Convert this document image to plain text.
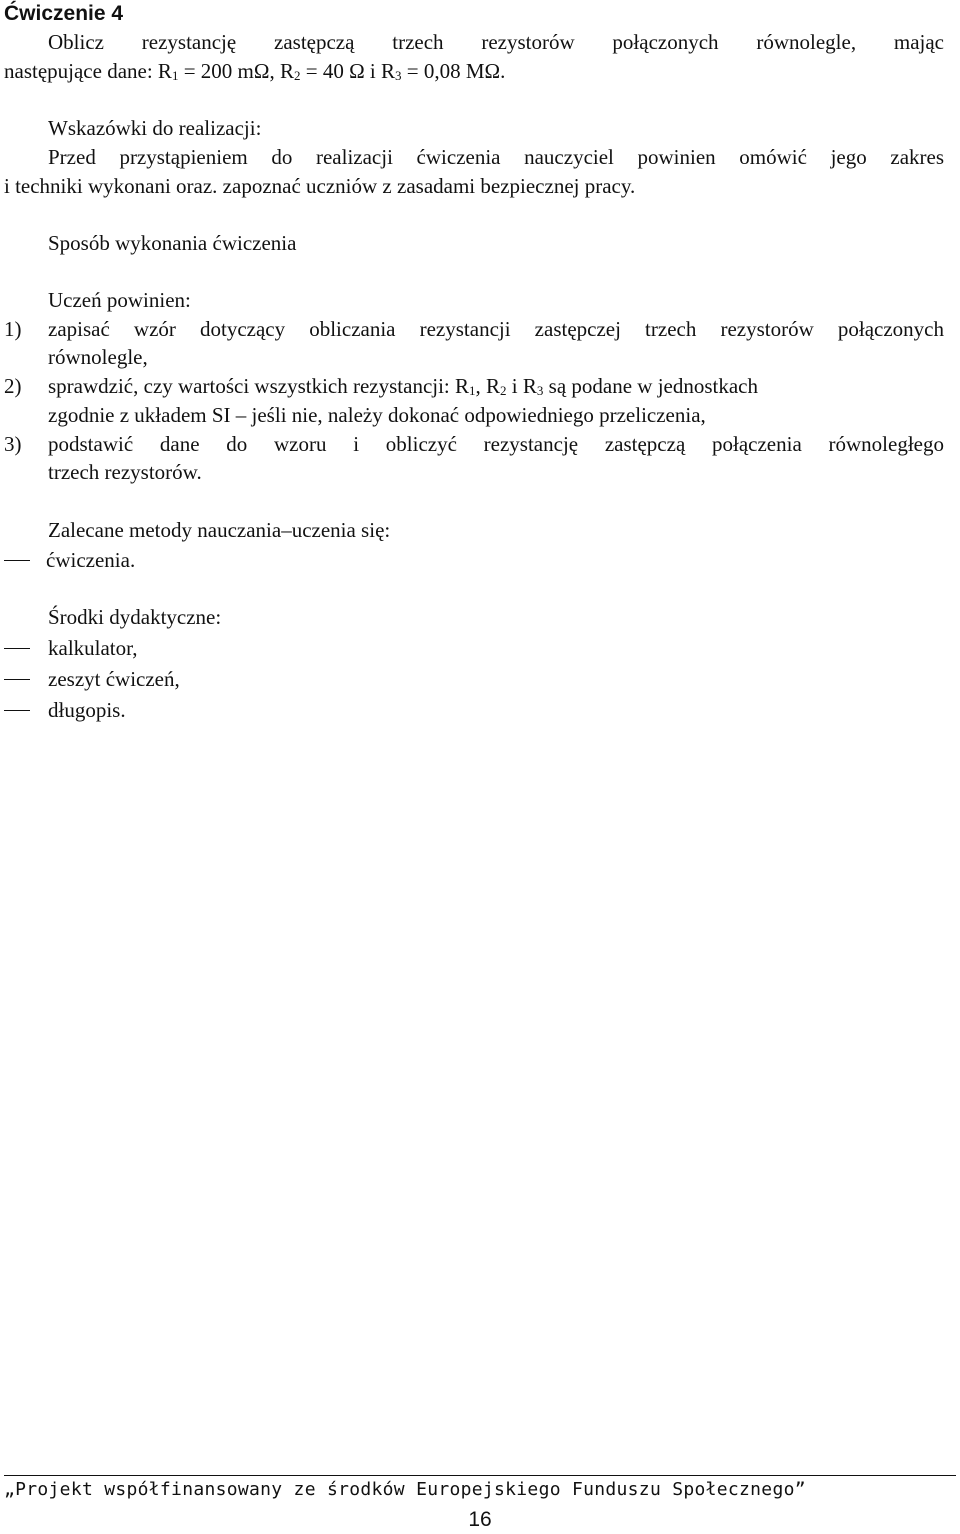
Ćwiczenie 4
Oblicz rezystancję zastępczą trzech rezystorów połączonych równolegle, mając
następujące dane: R1 = 200 mΩ, R2 = 40 Ω i R3 = 0,08 MΩ.
Wskazówki do realizacji:
Przed przystąpieniem do realizacji ćwiczenia nauczyciel powinien omówić jego zakres
i techniki wykonani oraz. zapoznać uczniów z zasadami bezpiecznej pracy.
Sposób wykonania ćwiczenia
Uczeń powinien:
1) zapisać wzór dotyczący obliczania rezystancji zastępczej trzech rezystorów połączonych
równolegle,
2) sprawdzić, czy wartości wszystkich rezystancji: R1, R2 i R3 są podane w jednostkach
zgodnie z układem SI – jeśli nie, należy dokonać odpowiedniego przeliczenia,
3) podstawić dane do wzoru i obliczyć rezystancję zastępczą połączenia równoległego
trzech rezystorów.
Zalecane metody nauczania–uczenia się:
ćwiczenia.
Środki dydaktyczne:
kalkulator,
zeszyt ćwiczeń,
długopis.
„Projekt współfinansowany ze środków Europejskiego Funduszu Społecznego”
16
